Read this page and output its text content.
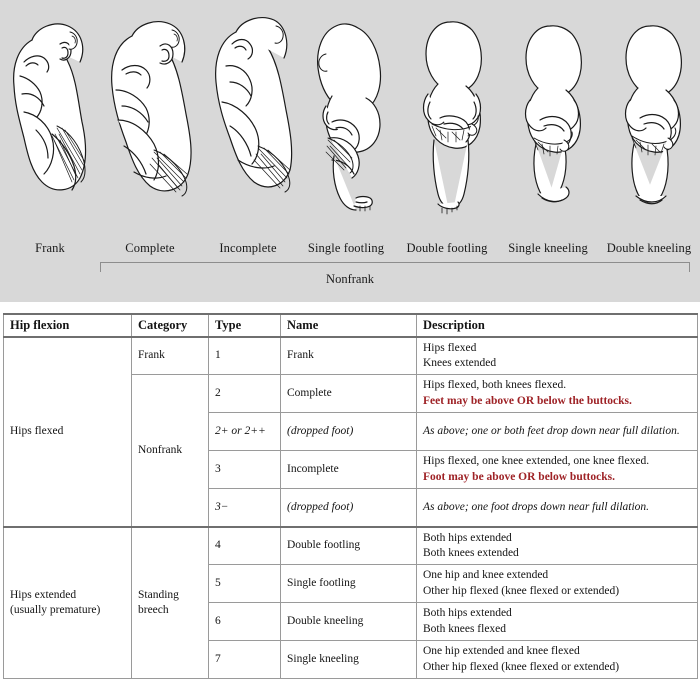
Frank	Complete	Incomplete	Single footling	Double footling	Single kneeling	Double kneeling
Nonfrank
Hip flexion	Category	Type	Name	Description
Hips flexed	Frank	1	Frank	Hips flexed
Knees extended

	Nonfrank	2	Complete	Hips flexed, both knees flexed.
Feet may be above OR below the buttocks.

		2+ or 2++	(dropped foot)	As above; one or both feet drop down near full dilation.

		3	Incomplete	Hips flexed, one knee extended, one knee flexed.
Foot may be above OR below buttocks.

		3−	(dropped foot)	As above; one foot drops down near full dilation.

Hips extended
(usually premature)	Standing breech	4	Double footling	Both hips extended
Both knees extended

		5	Single footling	One hip and knee extended
Other hip flexed (knee flexed or extended)

		6	Double kneeling	Both hips extended
Both knees flexed

		7	Single kneeling	One hip extended and knee flexed
Other hip flexed (knee flexed or extended)
